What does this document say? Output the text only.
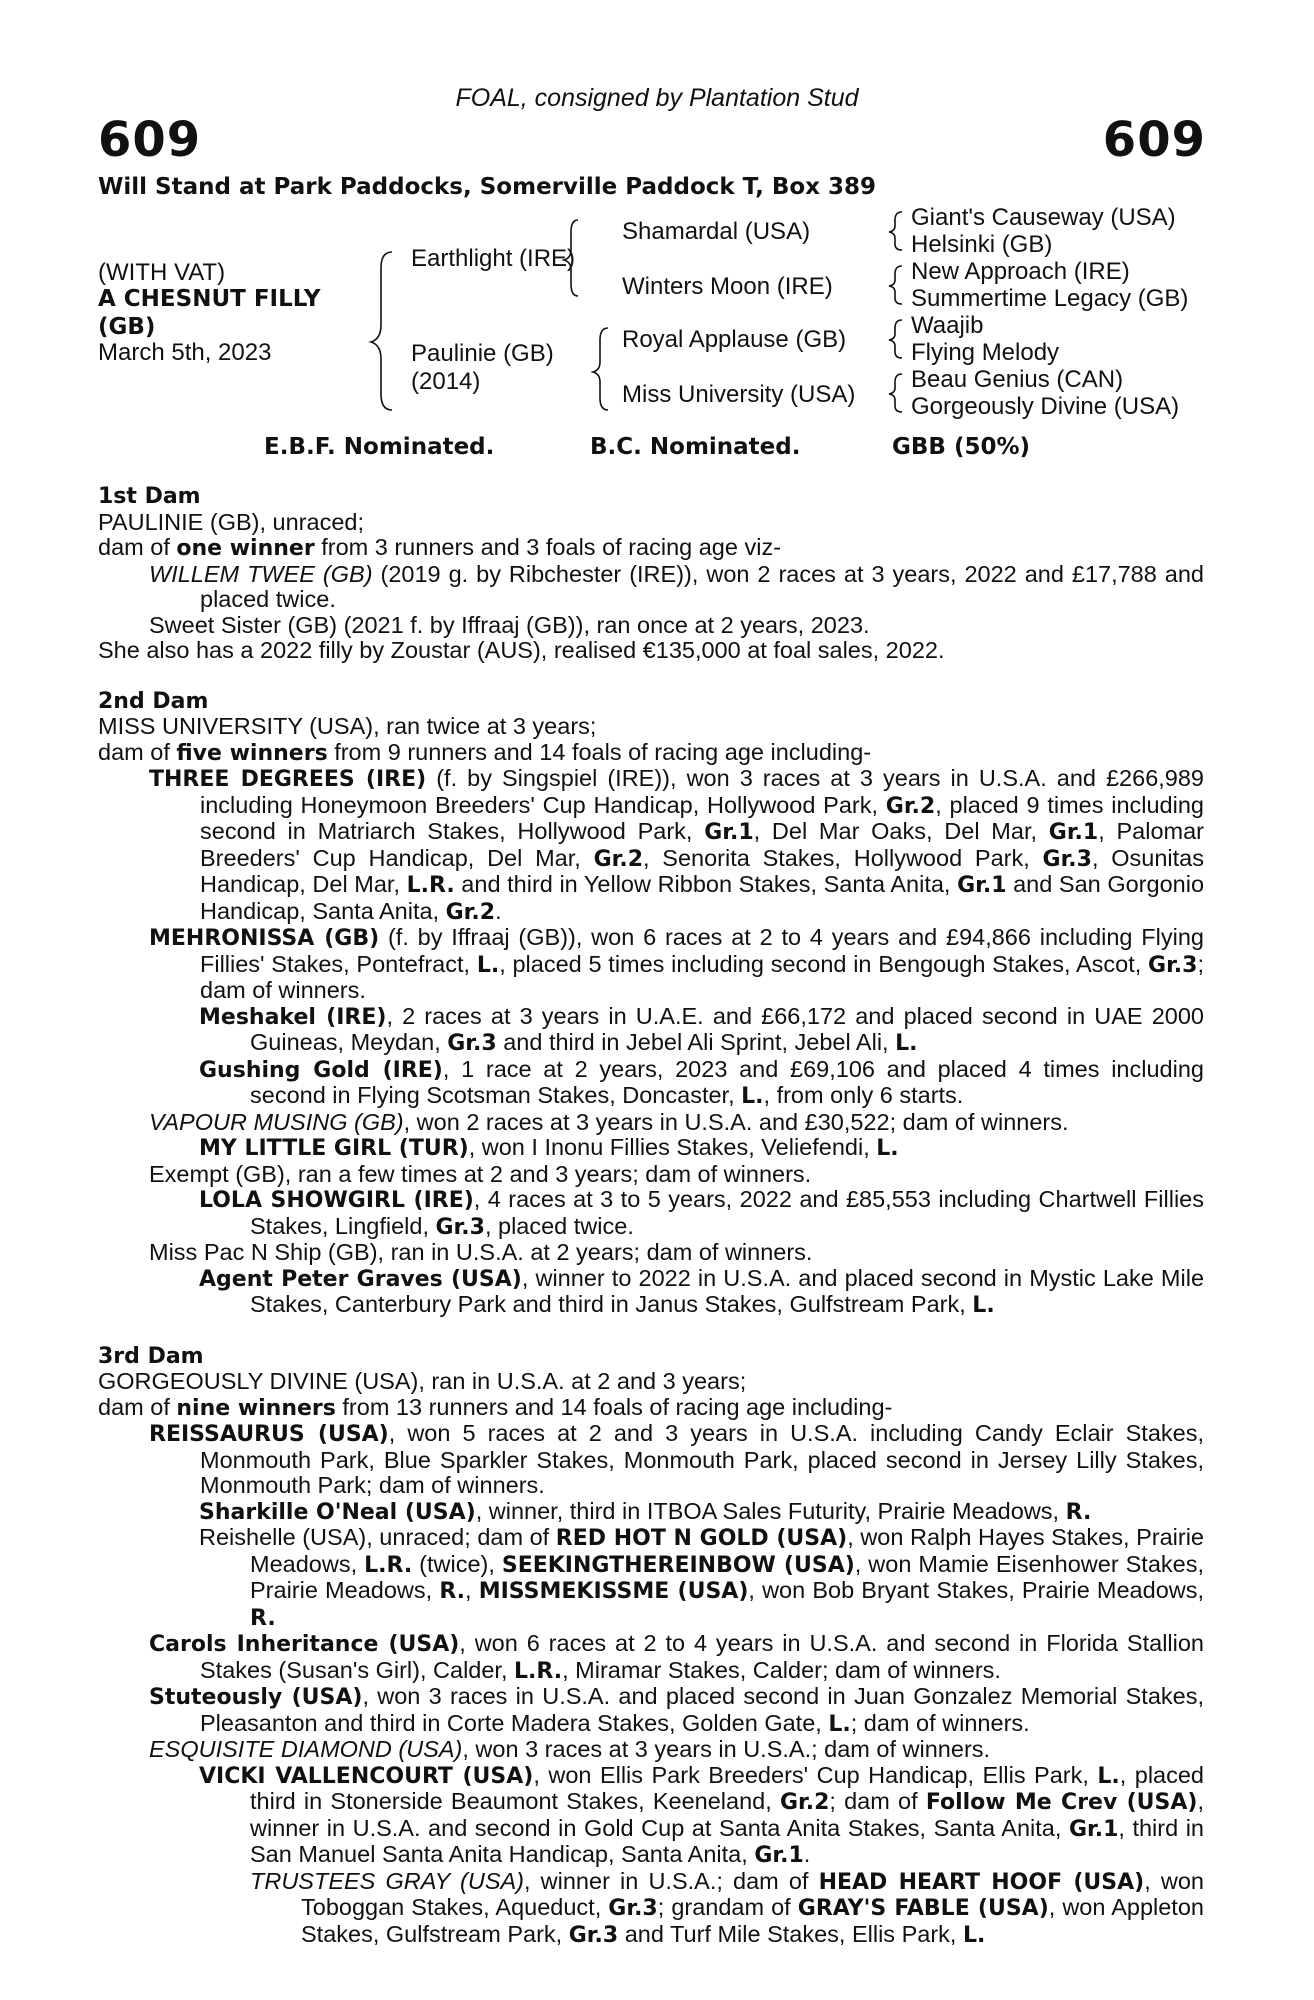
FOAL, consigned by Plantation Stud
609	609
Will Stand at Park Paddocks, Somerville Paddock T, Box 389
(WITH VAT)
A CHESNUT FILLY
(GB)
March 5th, 2023
Earthlight (IRE)
Paulinie (GB)
(2014)
Shamardal (USA)
Winters Moon (IRE)
Royal Applause (GB)
Miss University (USA)
Giant's Causeway (USA)
Helsinki (GB)
New Approach (IRE)
Summertime Legacy (GB)
Waajib
Flying Melody
Beau Genius (CAN)
Gorgeously Divine (USA)
E.B.F. Nominated.	B.C. Nominated.	GBB (50%)

1st Dam

PAULINIE (GB), unraced;

dam of one winner from 3 runners and 3 foals of racing age viz-

WILLEM TWEE (GB) (2019 g. by Ribchester (IRE)), won 2 races at 3 years, 2022 and £17,788 and placed twice.

Sweet Sister (GB) (2021 f. by Iffraaj (GB)), ran once at 2 years, 2023.

She also has a 2022 filly by Zoustar (AUS), realised €135,000 at foal sales, 2022.

2nd Dam

MISS UNIVERSITY (USA), ran twice at 3 years;

dam of five winners from 9 runners and 14 foals of racing age including-

THREE DEGREES (IRE) (f. by Singspiel (IRE)), won 3 races at 3 years in U.S.A. and £266,989 including Honeymoon Breeders' Cup Handicap, Hollywood Park, Gr.2, placed 9 times including second in Matriarch Stakes, Hollywood Park, Gr.1, Del Mar Oaks, Del Mar, Gr.1, Palomar Breeders' Cup Handicap, Del Mar, Gr.2, Senorita Stakes, Hollywood Park, Gr.3, Osunitas Handicap, Del Mar, L.R. and third in Yellow Ribbon Stakes, Santa Anita, Gr.1 and San Gorgonio Handicap, Santa Anita, Gr.2.

MEHRONISSA (GB) (f. by Iffraaj (GB)), won 6 races at 2 to 4 years and £94,866 including Flying Fillies' Stakes, Pontefract, L., placed 5 times including second in Bengough Stakes, Ascot, Gr.3; dam of winners.

Meshakel (IRE), 2 races at 3 years in U.A.E. and £66,172 and placed second in UAE 2000 Guineas, Meydan, Gr.3 and third in Jebel Ali Sprint, Jebel Ali, L.

Gushing Gold (IRE), 1 race at 2 years, 2023 and £69,106 and placed 4 times including second in Flying Scotsman Stakes, Doncaster, L., from only 6 starts.

VAPOUR MUSING (GB), won 2 races at 3 years in U.S.A. and £30,522; dam of winners.

MY LITTLE GIRL (TUR), won I Inonu Fillies Stakes, Veliefendi, L.

Exempt (GB), ran a few times at 2 and 3 years; dam of winners.

LOLA SHOWGIRL (IRE), 4 races at 3 to 5 years, 2022 and £85,553 including Chartwell Fillies Stakes, Lingfield, Gr.3, placed twice.

Miss Pac N Ship (GB), ran in U.S.A. at 2 years; dam of winners.

Agent Peter Graves (USA), winner to 2022 in U.S.A. and placed second in Mystic Lake Mile Stakes, Canterbury Park and third in Janus Stakes, Gulfstream Park, L.

3rd Dam

GORGEOUSLY DIVINE (USA), ran in U.S.A. at 2 and 3 years;

dam of nine winners from 13 runners and 14 foals of racing age including-

REISSAURUS (USA), won 5 races at 2 and 3 years in U.S.A. including Candy Eclair Stakes, Monmouth Park, Blue Sparkler Stakes, Monmouth Park, placed second in Jersey Lilly Stakes, Monmouth Park; dam of winners.

Sharkille O'Neal (USA), winner, third in ITBOA Sales Futurity, Prairie Meadows, R.

Reishelle (USA), unraced; dam of RED HOT N GOLD (USA), won Ralph Hayes Stakes, Prairie Meadows, L.R. (twice), SEEKINGTHEREINBOW (USA), won Mamie Eisenhower Stakes, Prairie Meadows, R., MISSMEKISSME (USA), won Bob Bryant Stakes, Prairie Meadows, R.

Carols Inheritance (USA), won 6 races at 2 to 4 years in U.S.A. and second in Florida Stallion Stakes (Susan's Girl), Calder, L.R., Miramar Stakes, Calder; dam of winners.

Stuteously (USA), won 3 races in U.S.A. and placed second in Juan Gonzalez Memorial Stakes, Pleasanton and third in Corte Madera Stakes, Golden Gate, L.; dam of winners.

ESQUISITE DIAMOND (USA), won 3 races at 3 years in U.S.A.; dam of winners.

VICKI VALLENCOURT (USA), won Ellis Park Breeders' Cup Handicap, Ellis Park, L., placed third in Stonerside Beaumont Stakes, Keeneland, Gr.2; dam of Follow Me Crev (USA), winner in U.S.A. and second in Gold Cup at Santa Anita Stakes, Santa Anita, Gr.1, third in San Manuel Santa Anita Handicap, Santa Anita, Gr.1.

TRUSTEES GRAY (USA), winner in U.S.A.; dam of HEAD HEART HOOF (USA), won Toboggan Stakes, Aqueduct, Gr.3; grandam of GRAY'S FABLE (USA), won Appleton Stakes, Gulfstream Park, Gr.3 and Turf Mile Stakes, Ellis Park, L.
